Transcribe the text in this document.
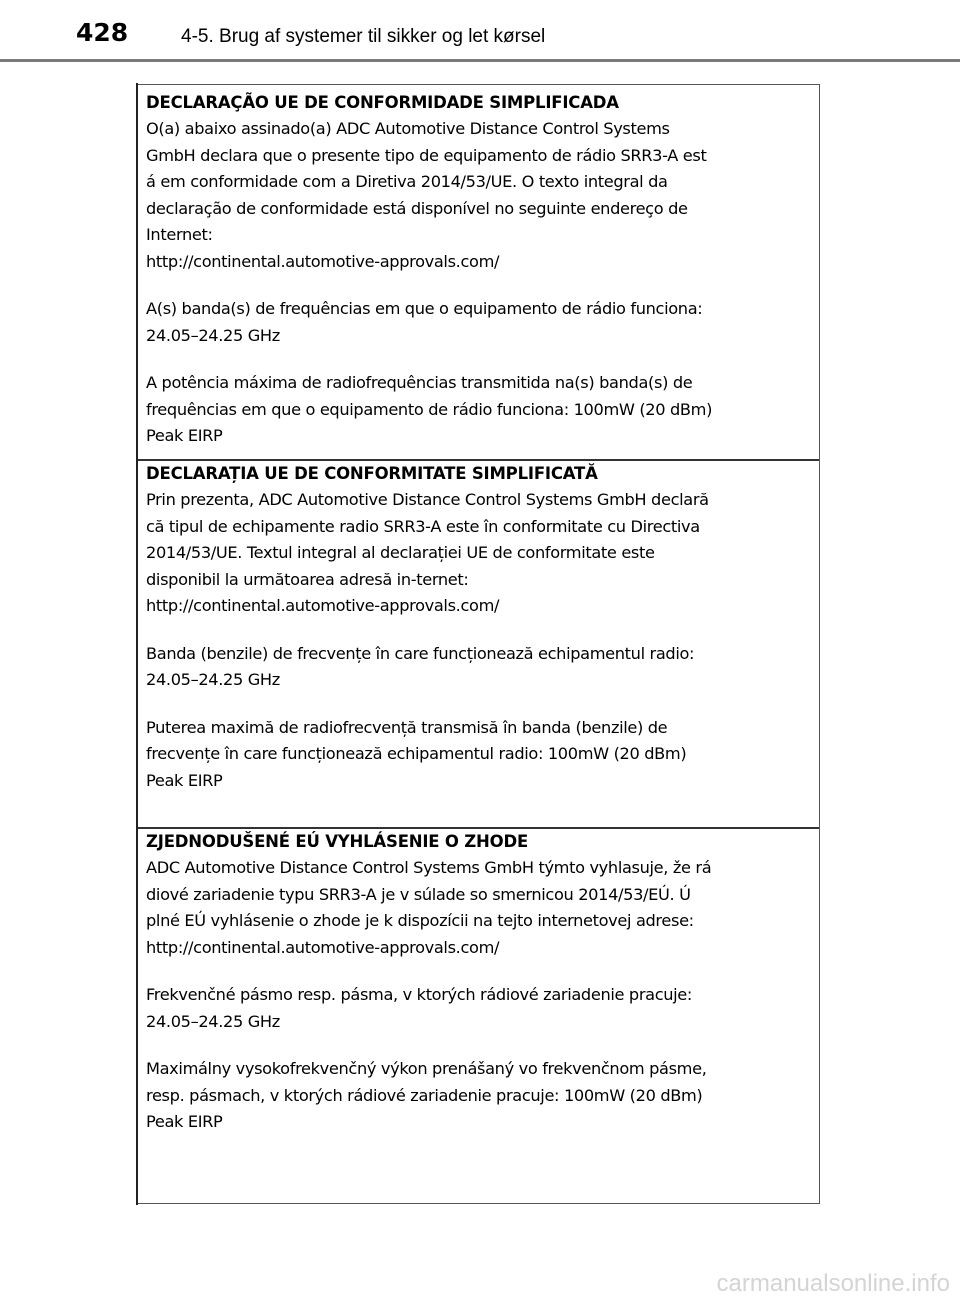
428	4-5. Brug af systemer til sikker og let kørsel
DECLARAÇÃO UE DE CONFORMIDADE SIMPLIFICADA
O(a) abaixo assinado(a) ADC Automotive Distance Control Systems
GmbH declara que o presente tipo de equipamento de rádio SRR3-A est
á em conformidade com a Diretiva 2014/53/UE. O texto integral da
declaração de conformidade está disponível no seguinte endereço de
Internet:
http://continental.automotive-approvals.com/
A(s) banda(s) de frequências em que o equipamento de rádio funciona:
24.05–24.25 GHz
A potência máxima de radiofrequências transmitida na(s) banda(s) de
frequências em que o equipamento de rádio funciona: 100mW (20 dBm)
Peak EIRP
DECLARAȚIA UE DE CONFORMITATE SIMPLIFICATĂ
Prin prezenta, ADC Automotive Distance Control Systems GmbH declară
că tipul de echipamente radio SRR3-A este în conformitate cu Directiva
2014/53/UE. Textul integral al declarației UE de conformitate este
disponibil la următoarea adresă in-ternet:
http://continental.automotive-approvals.com/
Banda (benzile) de frecvențe în care funcționează echipamentul radio:
24.05–24.25 GHz
Puterea maximă de radiofrecvență transmisă în banda (benzile) de
frecvențe în care funcționează echipamentul radio: 100mW (20 dBm)
Peak EIRP
ZJEDNODUŠENÉ EÚ VYHLÁSENIE O ZHODE
ADC Automotive Distance Control Systems GmbH týmto vyhlasuje, že rá
diové zariadenie typu SRR3-A je v súlade so smernicou 2014/53/EÚ. Ú
plné EÚ vyhlásenie o zhode je k dispozícii na tejto internetovej adrese:
http://continental.automotive-approvals.com/
Frekvenčné pásmo resp. pásma, v ktorých rádiové zariadenie pracuje:
24.05–24.25 GHz
Maximálny vysokofrekvenčný výkon prenášaný vo frekvenčnom pásme,
resp. pásmach, v ktorých rádiové zariadenie pracuje: 100mW (20 dBm)
Peak EIRP
carmanualsonline.info
